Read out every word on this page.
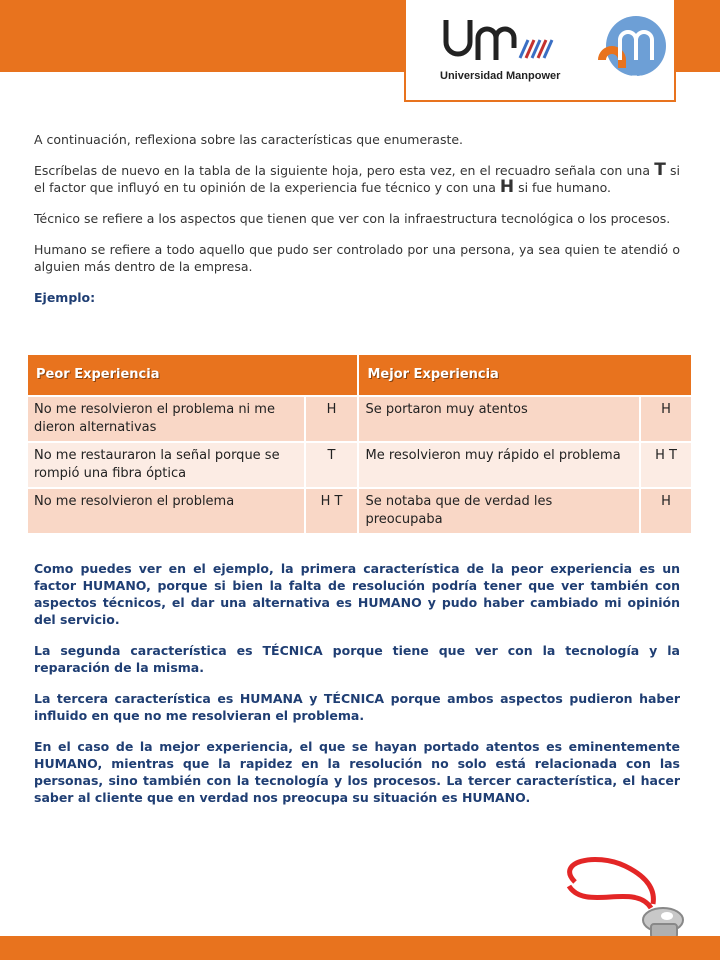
Universidad Manpower	PRODEOPS

A continuación, reflexiona sobre las características que enumeraste.

Escríbelas de nuevo en la tabla de la siguiente hoja, pero esta vez, en el recuadro señala con una T si el factor que influyó en tu opinión de la experiencia fue técnico y con una H si fue humano.

Técnico se refiere a los aspectos que tienen que ver con la infraestructura tecnológica o los procesos.

Humano se refiere a todo aquello que pudo ser controlado por una persona, ya sea quien te atendió o alguien más dentro de la empresa.

Ejemplo:

Peor Experiencia		Mejor Experiencia	
No me resolvieron el problema ni me dieron alternativas	H	Se portaron muy atentos	H
No me restauraron la señal porque se rompió una fibra óptica	T	Me resolvieron muy rápido el problema	H T
No me resolvieron el problema	H T	Se notaba que de verdad les preocupaba	H

Como puedes ver en el ejemplo, la primera característica de la peor experiencia es un factor HUMANO, porque si bien la falta de resolución podría tener que ver también con aspectos técnicos, el dar una alternativa es HUMANO y pudo haber cambiado mi opinión del servicio.

La segunda característica es TÉCNICA porque tiene que ver con la tecnología y la reparación de la misma.

La tercera característica es HUMANA y TÉCNICA porque ambos aspectos pudieron haber influido en que no me resolvieran el problema.

En el caso de la mejor experiencia, el que se hayan portado atentos es eminentemente HUMANO, mientras que la rapidez en la resolución no solo está relacionada con las personas, sino también con la tecnología y los procesos. La tercer característica, el hacer saber al cliente que en verdad nos preocupa su situación es HUMANO.
